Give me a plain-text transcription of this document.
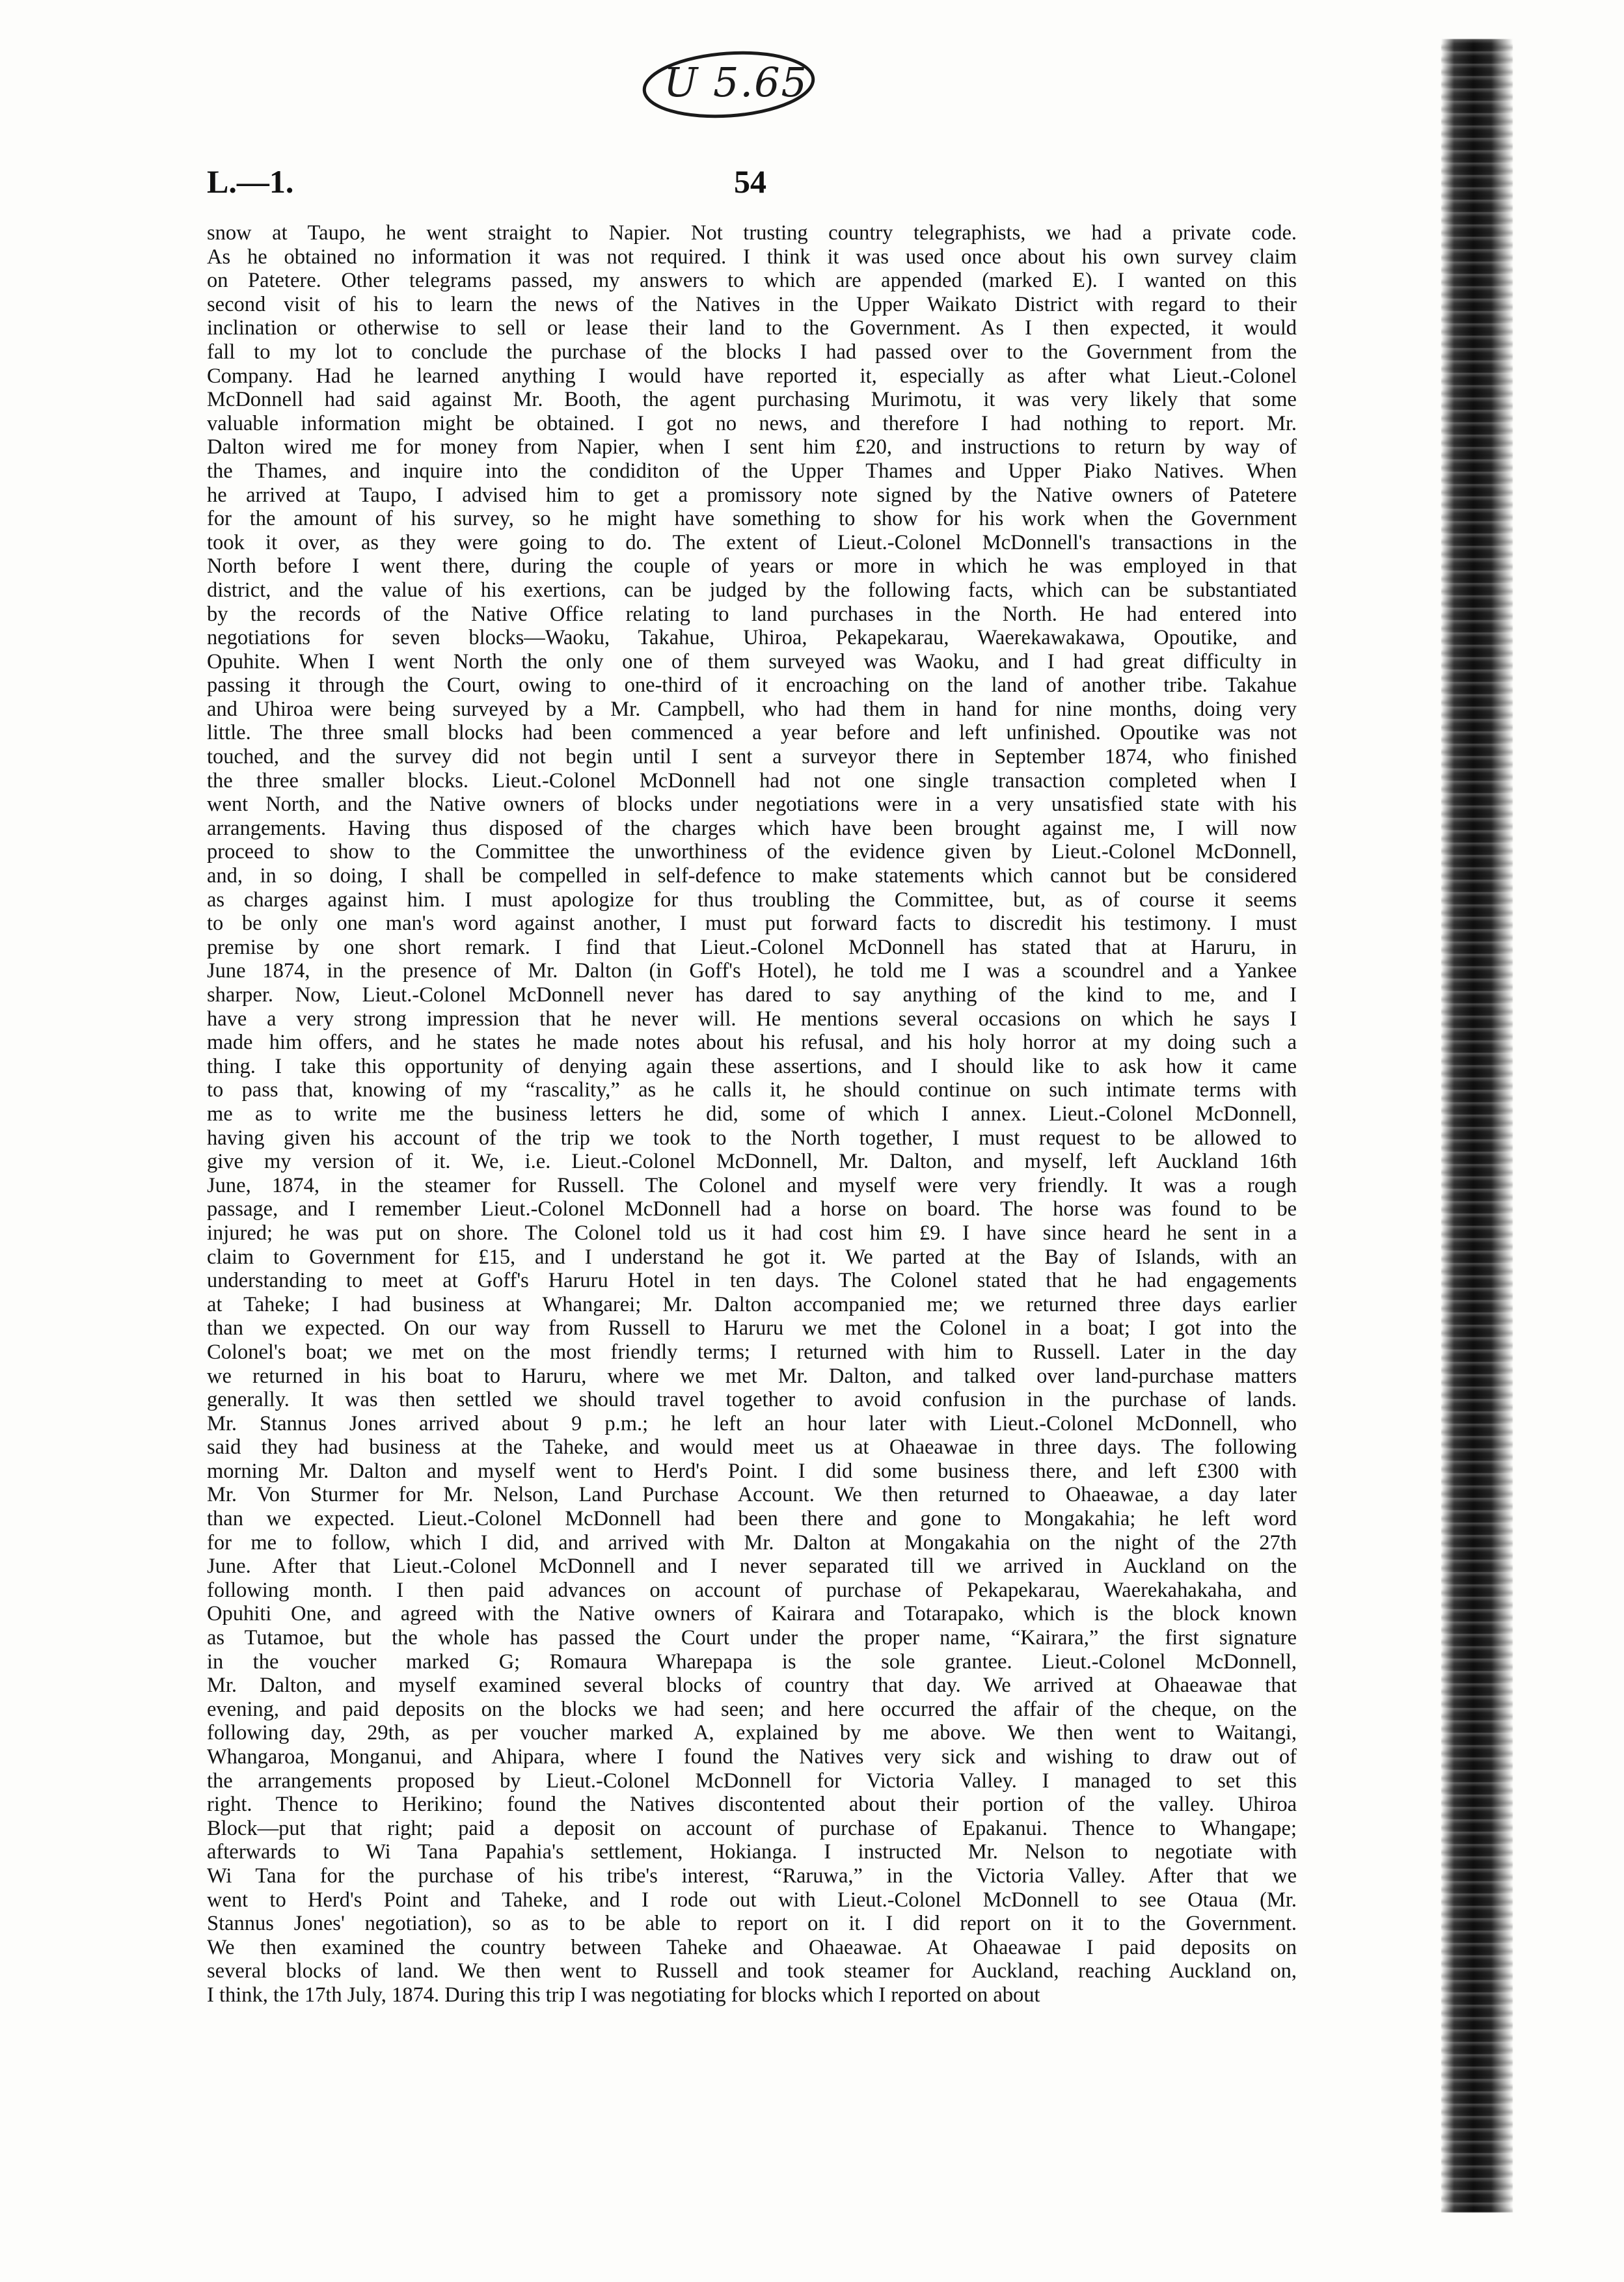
U 5.65
L.—1.	54
snow at Taupo, he went straight to Napier. Not trusting country telegraphists, we had a private code.
As he obtained no information it was not required. I think it was used once about his own survey claim
on Patetere. Other telegrams passed, my answers to which are appended (marked E). I wanted on this
second visit of his to learn the news of the Natives in the Upper Waikato District with regard to their
inclination or otherwise to sell or lease their land to the Government. As I then expected, it would
fall to my lot to conclude the purchase of the blocks I had passed over to the Government from the
Company. Had he learned anything I would have reported it, especially as after what Lieut.-Colonel
McDonnell had said against Mr. Booth, the agent purchasing Murimotu, it was very likely that some
valuable information might be obtained. I got no news, and therefore I had nothing to report. Mr.
Dalton wired me for money from Napier, when I sent him £20, and instructions to return by way of
the Thames, and inquire into the condiditon of the Upper Thames and Upper Piako Natives. When
he arrived at Taupo, I advised him to get a promissory note signed by the Native owners of Patetere
for the amount of his survey, so he might have something to show for his work when the Government
took it over, as they were going to do. The extent of Lieut.-Colonel McDonnell's transactions in the
North before I went there, during the couple of years or more in which he was employed in that
district, and the value of his exertions, can be judged by the following facts, which can be substantiated
by the records of the Native Office relating to land purchases in the North. He had entered into
negotiations for seven blocks—Waoku, Takahue, Uhiroa, Pekapekarau, Waerekawakawa, Opoutike, and
Opuhite. When I went North the only one of them surveyed was Waoku, and I had great difficulty in
passing it through the Court, owing to one-third of it encroaching on the land of another tribe. Takahue
and Uhiroa were being surveyed by a Mr. Campbell, who had them in hand for nine months, doing very
little. The three small blocks had been commenced a year before and left unfinished. Opoutike was not
touched, and the survey did not begin until I sent a surveyor there in September 1874, who finished
the three smaller blocks. Lieut.-Colonel McDonnell had not one single transaction completed when I
went North, and the Native owners of blocks under negotiations were in a very unsatisfied state with his
arrangements. Having thus disposed of the charges which have been brought against me, I will now
proceed to show to the Committee the unworthiness of the evidence given by Lieut.-Colonel McDonnell,
and, in so doing, I shall be compelled in self-defence to make statements which cannot but be considered
as charges against him. I must apologize for thus troubling the Committee, but, as of course it seems
to be only one man's word against another, I must put forward facts to discredit his testimony. I must
premise by one short remark. I find that Lieut.-Colonel McDonnell has stated that at Haruru, in
June 1874, in the presence of Mr. Dalton (in Goff's Hotel), he told me I was a scoundrel and a Yankee
sharper. Now, Lieut.-Colonel McDonnell never has dared to say anything of the kind to me, and I
have a very strong impression that he never will. He mentions several occasions on which he says I
made him offers, and he states he made notes about his refusal, and his holy horror at my doing such a
thing. I take this opportunity of denying again these assertions, and I should like to ask how it came
to pass that, knowing of my “rascality,” as he calls it, he should continue on such intimate terms with
me as to write me the business letters he did, some of which I annex. Lieut.-Colonel McDonnell,
having given his account of the trip we took to the North together, I must request to be allowed to
give my version of it. We, i.e. Lieut.-Colonel McDonnell, Mr. Dalton, and myself, left Auckland 16th
June, 1874, in the steamer for Russell. The Colonel and myself were very friendly. It was a rough
passage, and I remember Lieut.-Colonel McDonnell had a horse on board. The horse was found to be
injured; he was put on shore. The Colonel told us it had cost him £9. I have since heard he sent in a
claim to Government for £15, and I understand he got it. We parted at the Bay of Islands, with an
understanding to meet at Goff's Haruru Hotel in ten days. The Colonel stated that he had engagements
at Taheke; I had business at Whangarei; Mr. Dalton accompanied me; we returned three days earlier
than we expected. On our way from Russell to Haruru we met the Colonel in a boat; I got into the
Colonel's boat; we met on the most friendly terms; I returned with him to Russell. Later in the day
we returned in his boat to Haruru, where we met Mr. Dalton, and talked over land-purchase matters
generally. It was then settled we should travel together to avoid confusion in the purchase of lands.
Mr. Stannus Jones arrived about 9 p.m.; he left an hour later with Lieut.-Colonel McDonnell, who
said they had business at the Taheke, and would meet us at Ohaeawae in three days. The following
morning Mr. Dalton and myself went to Herd's Point. I did some business there, and left £300 with
Mr. Von Sturmer for Mr. Nelson, Land Purchase Account. We then returned to Ohaeawae, a day later
than we expected. Lieut.-Colonel McDonnell had been there and gone to Mongakahia; he left word
for me to follow, which I did, and arrived with Mr. Dalton at Mongakahia on the night of the 27th
June. After that Lieut.-Colonel McDonnell and I never separated till we arrived in Auckland on the
following month. I then paid advances on account of purchase of Pekapekarau, Waerekahakaha, and
Opuhiti One, and agreed with the Native owners of Kairara and Totarapako, which is the block known
as Tutamoe, but the whole has passed the Court under the proper name, “Kairara,” the first signature
in the voucher marked G; Romaura Wharepapa is the sole grantee. Lieut.-Colonel McDonnell,
Mr. Dalton, and myself examined several blocks of country that day. We arrived at Ohaeawae that
evening, and paid deposits on the blocks we had seen; and here occurred the affair of the cheque, on the
following day, 29th, as per voucher marked A, explained by me above. We then went to Waitangi,
Whangaroa, Monganui, and Ahipara, where I found the Natives very sick and wishing to draw out of
the arrangements proposed by Lieut.-Colonel McDonnell for Victoria Valley. I managed to set this
right. Thence to Herikino; found the Natives discontented about their portion of the valley. Uhiroa
Block—put that right; paid a deposit on account of purchase of Epakanui. Thence to Whangape;
afterwards to Wi Tana Papahia's settlement, Hokianga. I instructed Mr. Nelson to negotiate with
Wi Tana for the purchase of his tribe's interest, “Raruwa,” in the Victoria Valley. After that we
went to Herd's Point and Taheke, and I rode out with Lieut.-Colonel McDonnell to see Otaua (Mr.
Stannus Jones' negotiation), so as to be able to report on it. I did report on it to the Government.
We then examined the country between Taheke and Ohaeawae. At Ohaeawae I paid deposits on
several blocks of land. We then went to Russell and took steamer for Auckland, reaching Auckland on,
I think, the 17th July, 1874. During this trip I was negotiating for blocks which I reported on about
